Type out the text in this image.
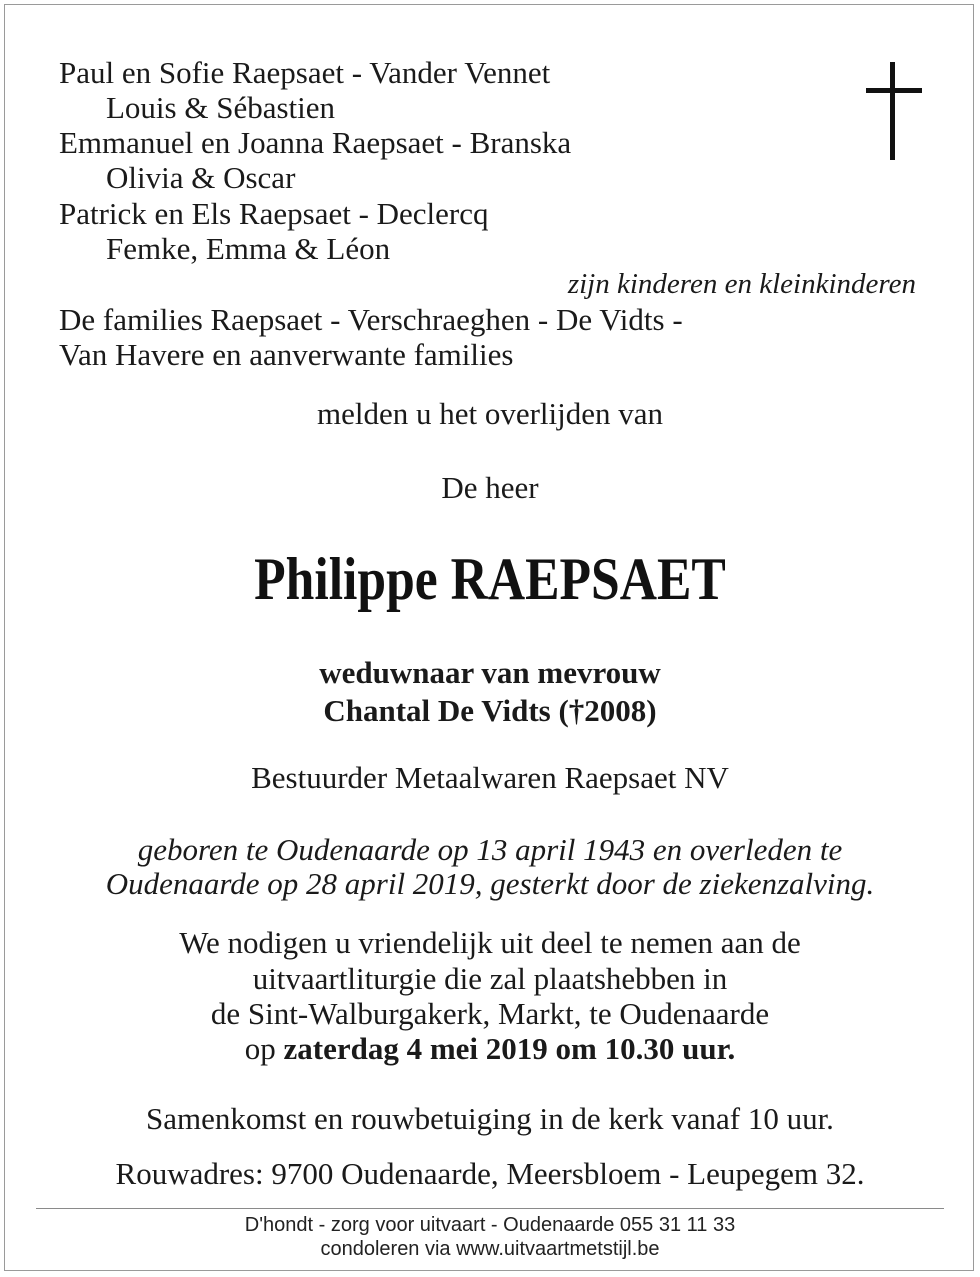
Paul en Sofie Raepsaet - Vander Vennet
Louis & Sébastien
Emmanuel en Joanna Raepsaet - Branska
Olivia & Oscar
Patrick en Els Raepsaet - Declercq
Femke, Emma & Léon
zijn kinderen en kleinkinderen
De families Raepsaet - Verschraeghen - De Vidts -
Van Havere en aanverwante families
melden u het overlijden van
De heer
Philippe RAEPSAET
weduwnaar van mevrouw
Chantal De Vidts (†2008)
Bestuurder Metaalwaren Raepsaet NV
geboren te Oudenaarde op 13 april 1943 en overleden te
Oudenaarde op 28 april 2019, gesterkt door de ziekenzalving.
We nodigen u vriendelijk uit deel te nemen aan de
uitvaartliturgie die zal plaatshebben in
de Sint-Walburgakerk, Markt, te Oudenaarde
op zaterdag 4 mei 2019 om 10.30 uur.
Samenkomst en rouwbetuiging in de kerk vanaf 10 uur.
Rouwadres: 9700 Oudenaarde, Meersbloem - Leupegem 32.
D'hondt - zorg voor uitvaart - Oudenaarde 055 31 11 33
condoleren via www.uitvaartmetstijl.be
